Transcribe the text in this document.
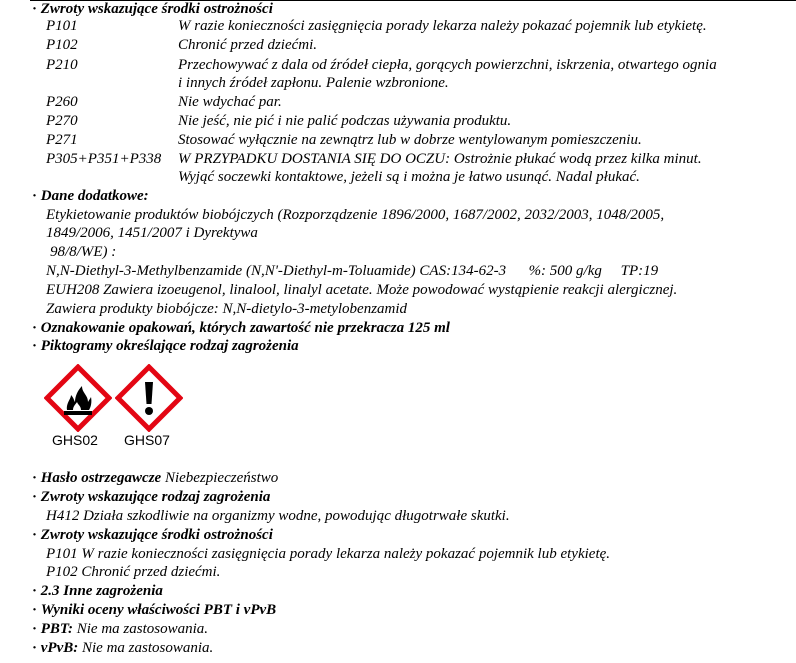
· Zwroty wskazujące środki ostrożności
P101	W razie konieczności zasięgnięcia porady lekarza należy pokazać pojemnik lub etykietę.
P102	Chronić przed dziećmi.
P210	Przechowywać z dala od źródeł ciepła, gorących powierzchni, iskrzenia, otwartego ognia
i innych źródeł zapłonu. Palenie wzbronione.
P260	Nie wdychać par.
P270	Nie jeść, nie pić i nie palić podczas używania produktu.
P271	Stosować wyłącznie na zewnątrz lub w dobrze wentylowanym pomieszczeniu.
P305+P351+P338 W PRZYPADKU DOSTANIA SIĘ DO OCZU: Ostrożnie płukać wodą przez kilka minut.
Wyjąć soczewki kontaktowe, jeżeli są i można je łatwo usunąć. Nadal płukać.
· Dane dodatkowe:
Etykietowanie produktów biobójczych (Rozporządzenie 1896/2000, 1687/2002, 2032/2003, 1048/2005,
1849/2006, 1451/2007 i Dyrektywa
98/8/WE) :
N,N-Diethyl-3-Methylbenzamide (N,N'-Diethyl-m-Toluamide) CAS:134-62-3      %: 500 g/kg     TP:19
EUH208 Zawiera izoeugenol, linalool, linalyl acetate. Może powodować wystąpienie reakcji alergicznej.
Zawiera produkty biobójcze: N,N-dietylo-3-metylobenzamid
· Oznakowanie opakowań, których zawartość nie przekracza 125 ml
· Piktogramy określające rodzaj zagrożenia
GHS02 GHS07
· Hasło ostrzegawcze Niebezpieczeństwo
· Zwroty wskazujące rodzaj zagrożenia
H412 Działa szkodliwie na organizmy wodne, powodując długotrwałe skutki.
· Zwroty wskazujące środki ostrożności
P101 W razie konieczności zasięgnięcia porady lekarza należy pokazać pojemnik lub etykietę.
P102 Chronić przed dziećmi.
· 2.3 Inne zagrożenia
· Wyniki oceny właściwości PBT i vPvB
· PBT: Nie ma zastosowania.
· vPvB: Nie ma zastosowania.
